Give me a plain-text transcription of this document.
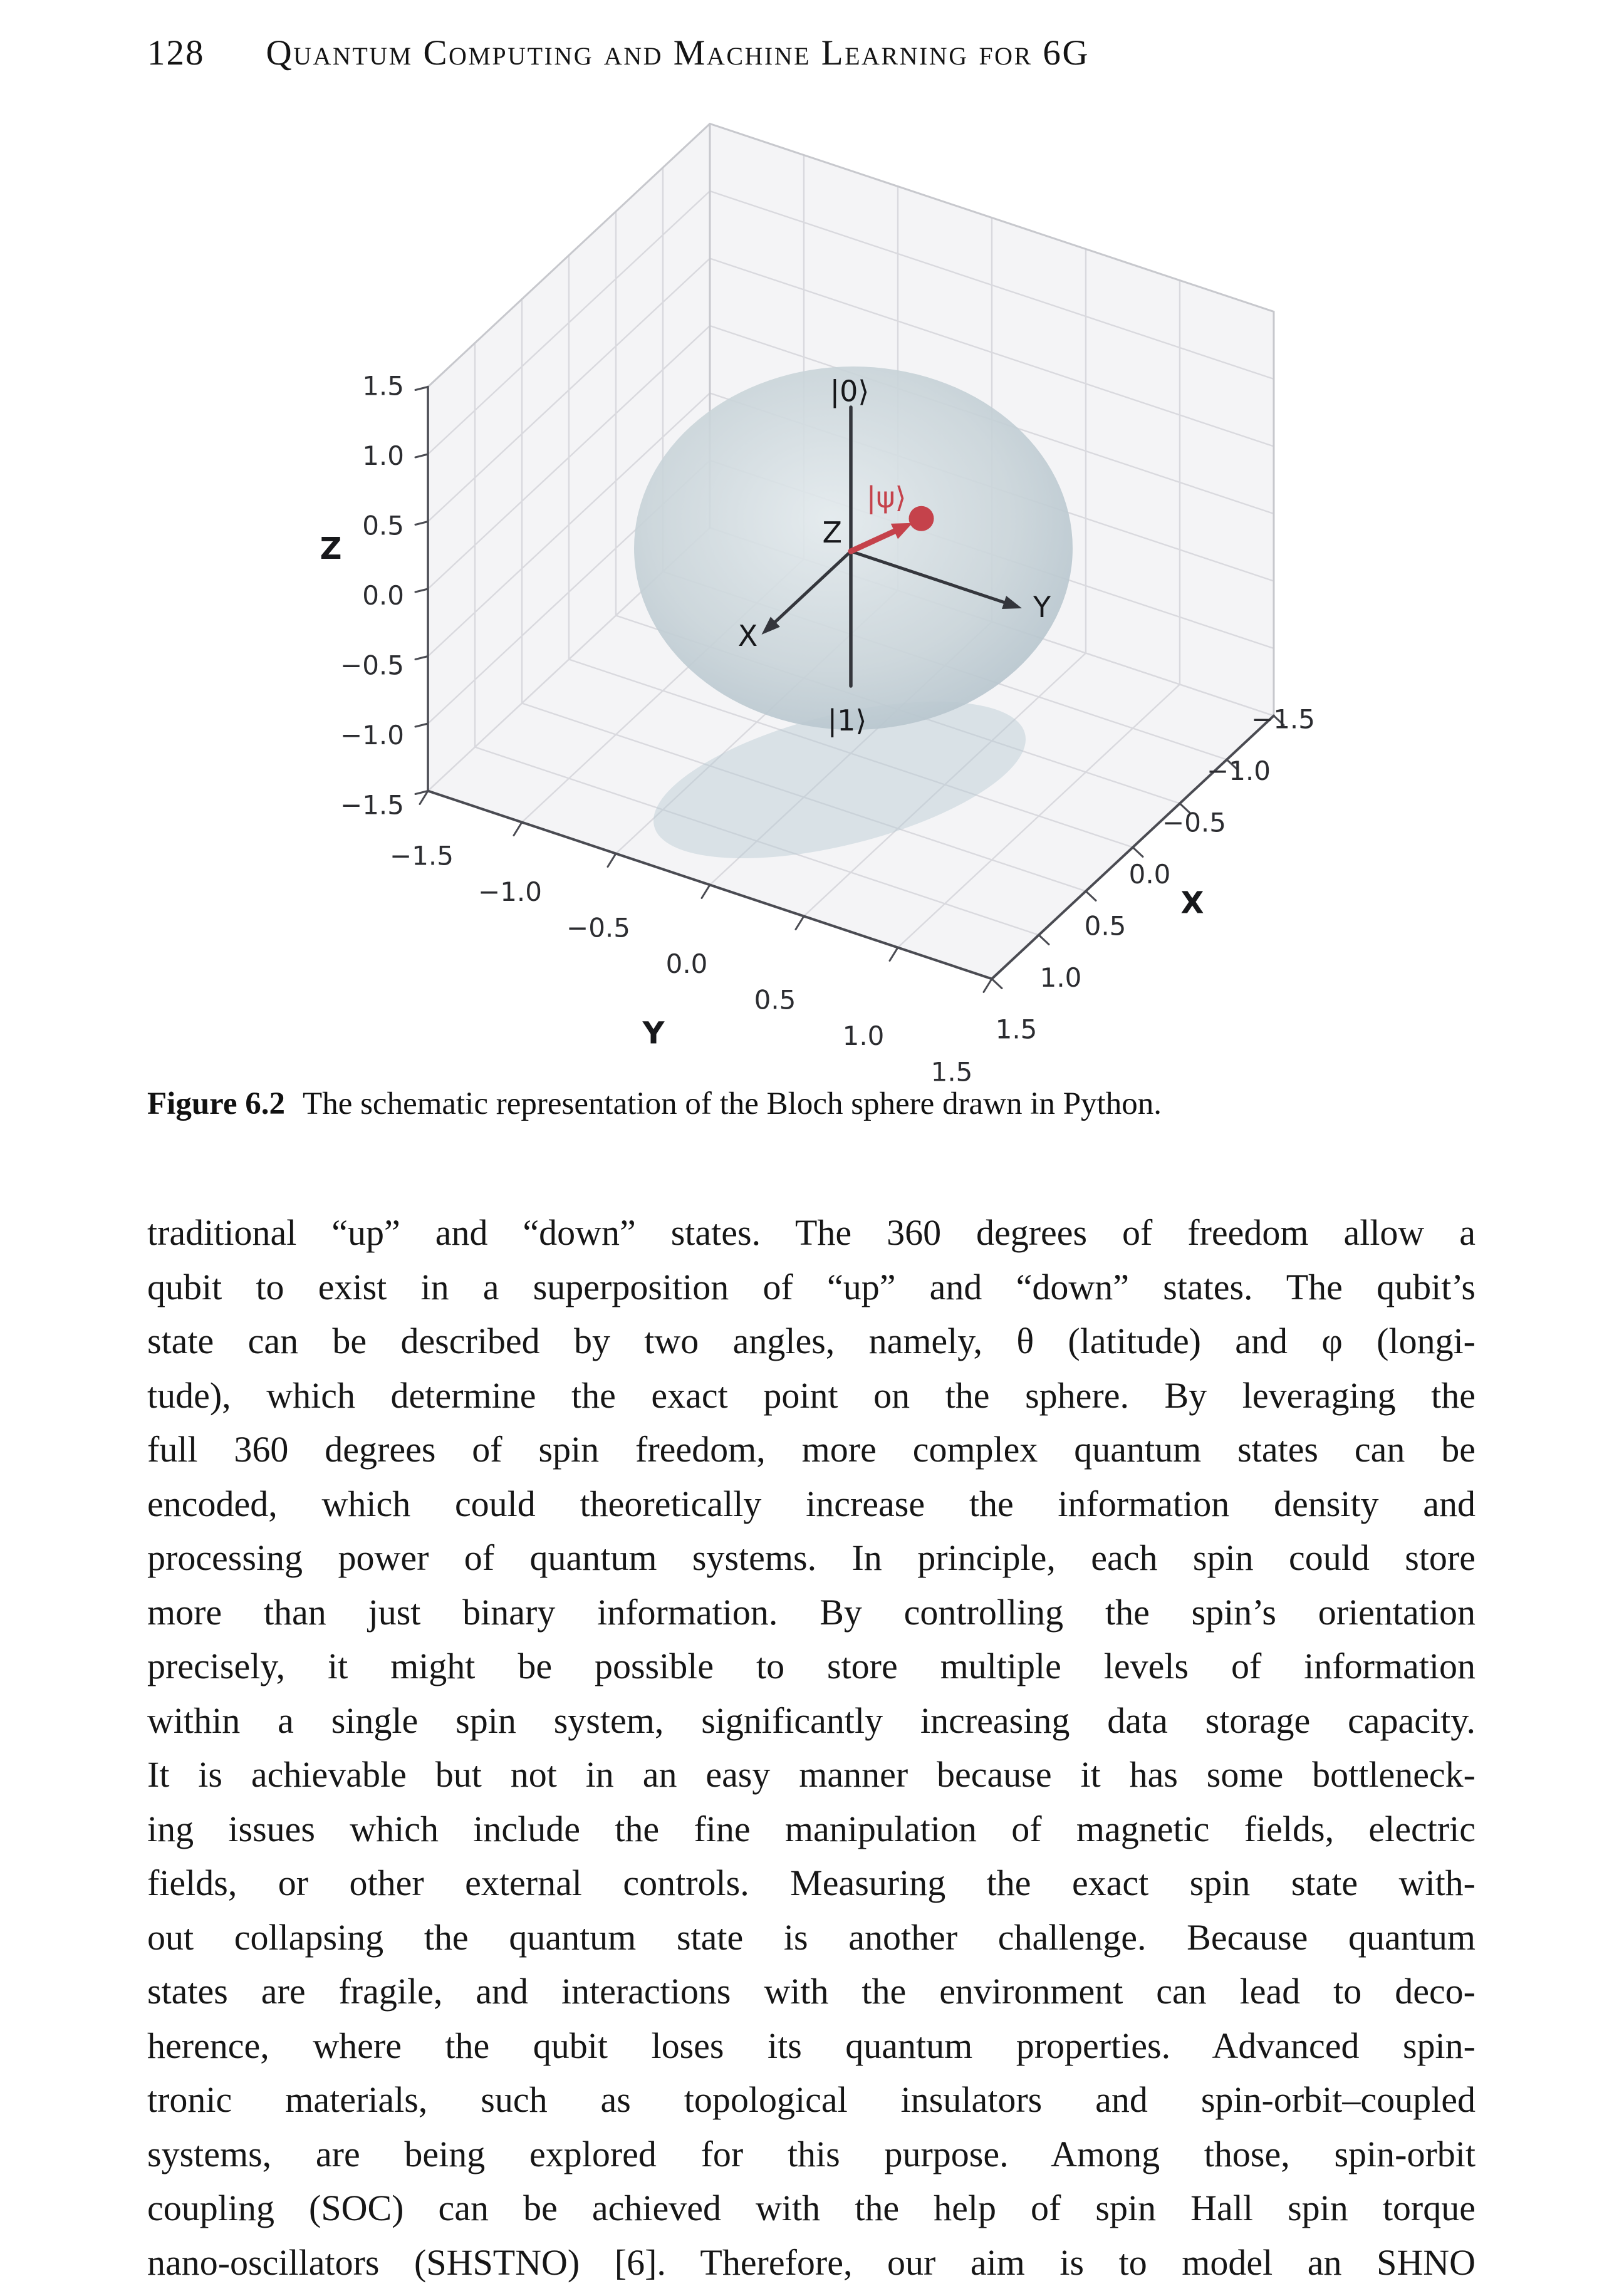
128 Quantum Computing and Machine Learning for 6G
−1.5
−1.0
−0.5
0.0
0.5
1.0
1.5
−1.5
−1.0
−0.5
0.0
0.5
1.0
1.5
−1.5
−1.0
−0.5
0.0
0.5
1.0
1.5
Z
Y
X
X
Y
Z
|0⟩
|1⟩
|ψ⟩
Figure 6.2 The schematic representation of the Bloch sphere drawn in Python.
traditional “up” and “down” states. The 360 degrees of freedom allow a
qubit to exist in a superposition of “up” and “down” states. The qubit’s
state can be described by two angles, namely, θ (latitude) and φ (longi-
tude), which determine the exact point on the sphere. By leveraging the
full 360 degrees of spin freedom, more complex quantum states can be
encoded, which could theoretically increase the information density and
processing power of quantum systems. In principle, each spin could store
more than just binary information. By controlling the spin’s orientation
precisely, it might be possible to store multiple levels of information
within a single spin system, significantly increasing data storage capacity.
It is achievable but not in an easy manner because it has some bottleneck-
ing issues which include the fine manipulation of magnetic fields, electric
fields, or other external controls. Measuring the exact spin state with-
out collapsing the quantum state is another challenge. Because quantum
states are fragile, and interactions with the environment can lead to deco-
herence, where the qubit loses its quantum properties. Advanced spin-
tronic materials, such as topological insulators and spin-orbit–coupled
systems, are being explored for this purpose. Among those, spin-orbit
coupling (SOC) can be achieved with the help of spin Hall spin torque
nano-oscillators (SHSTNO) [6]. Therefore, our aim is to model an SHNO
